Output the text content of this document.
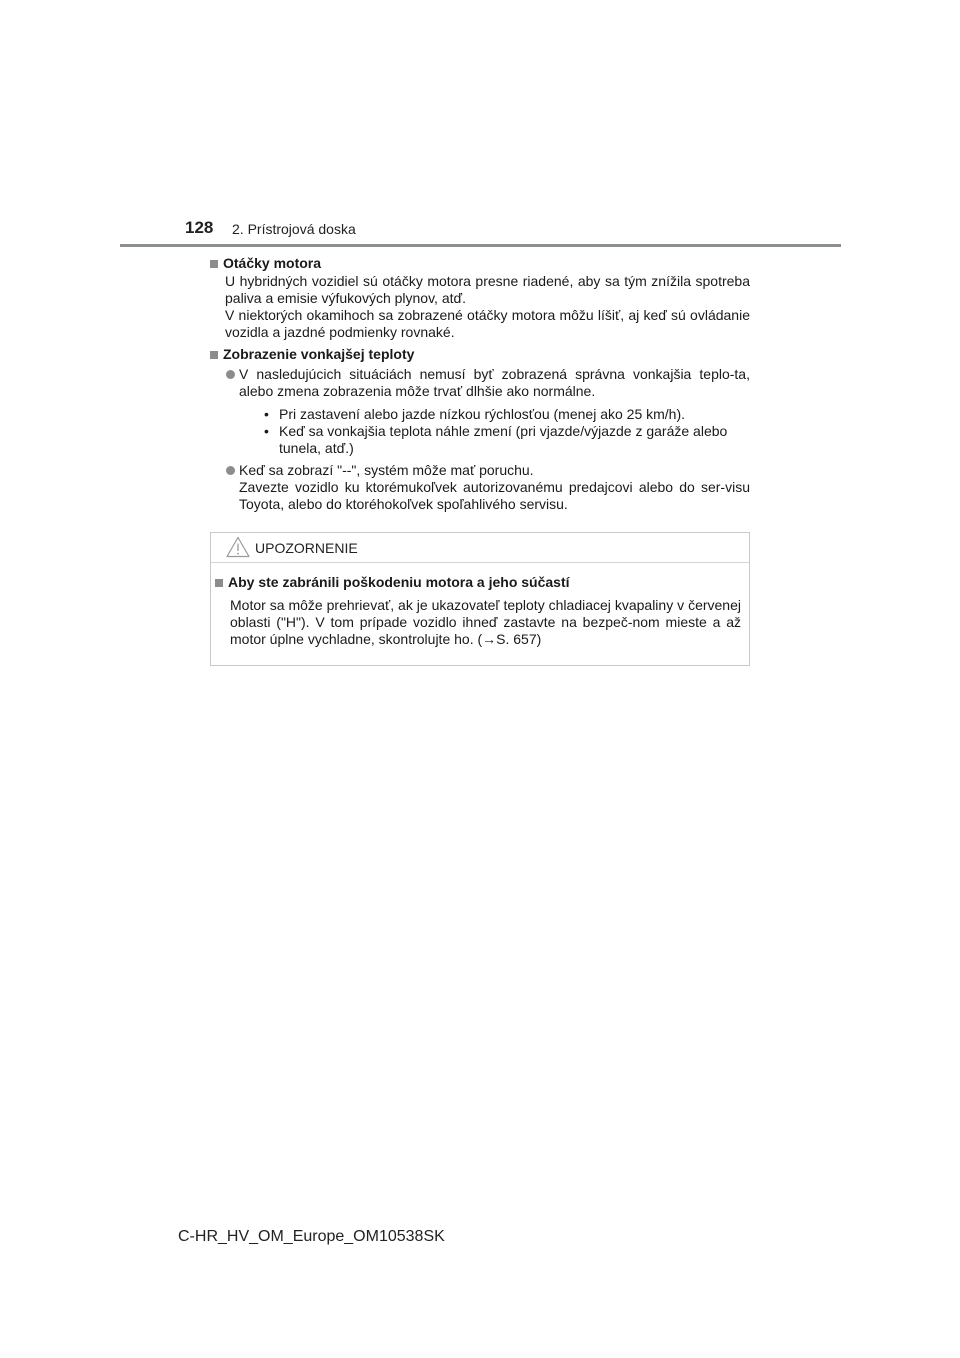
128 2. Prístrojová doska
Otáčky motora

U hybridných vozidiel sú otáčky motora presne riadené, aby sa tým znížila spotreba paliva a emisie výfukových plynov, atď.

V niektorých okamihoch sa zobrazené otáčky motora môžu líšiť, aj keď sú ovládanie vozidla a jazdné podmienky rovnaké.

Zobrazenie vonkajšej teploty
V nasledujúcich situáciách nemusí byť zobrazená správna vonkajšia teplo-ta, alebo zmena zobrazenia môže trvať dlhšie ako normálne.
• Pri zastavení alebo jazde nízkou rýchlosťou (menej ako 25 km/h).
• Keď sa vonkajšia teplota náhle zmení (pri vjazde/výjazde z garáže alebo tunela, atď.)
Keď sa zobrazí "--", systém môže mať poruchu.
Zavezte vozidlo ku ktorémukoľvek autorizovanému predajcovi alebo do ser-visu Toyota, alebo do ktoréhokoľvek spoľahlivého servisu.
UPOZORNENIE
Aby ste zabránili poškodeniu motora a jeho súčastí
Motor sa môže prehrievať, ak je ukazovateľ teploty chladiacej kvapaliny v červenej oblasti ("H"). V tom prípade vozidlo ihneď zastavte na bezpeč-nom mieste a až motor úplne vychladne, skontrolujte ho. (→S. 657)
C-HR_HV_OM_Europe_OM10538SK
